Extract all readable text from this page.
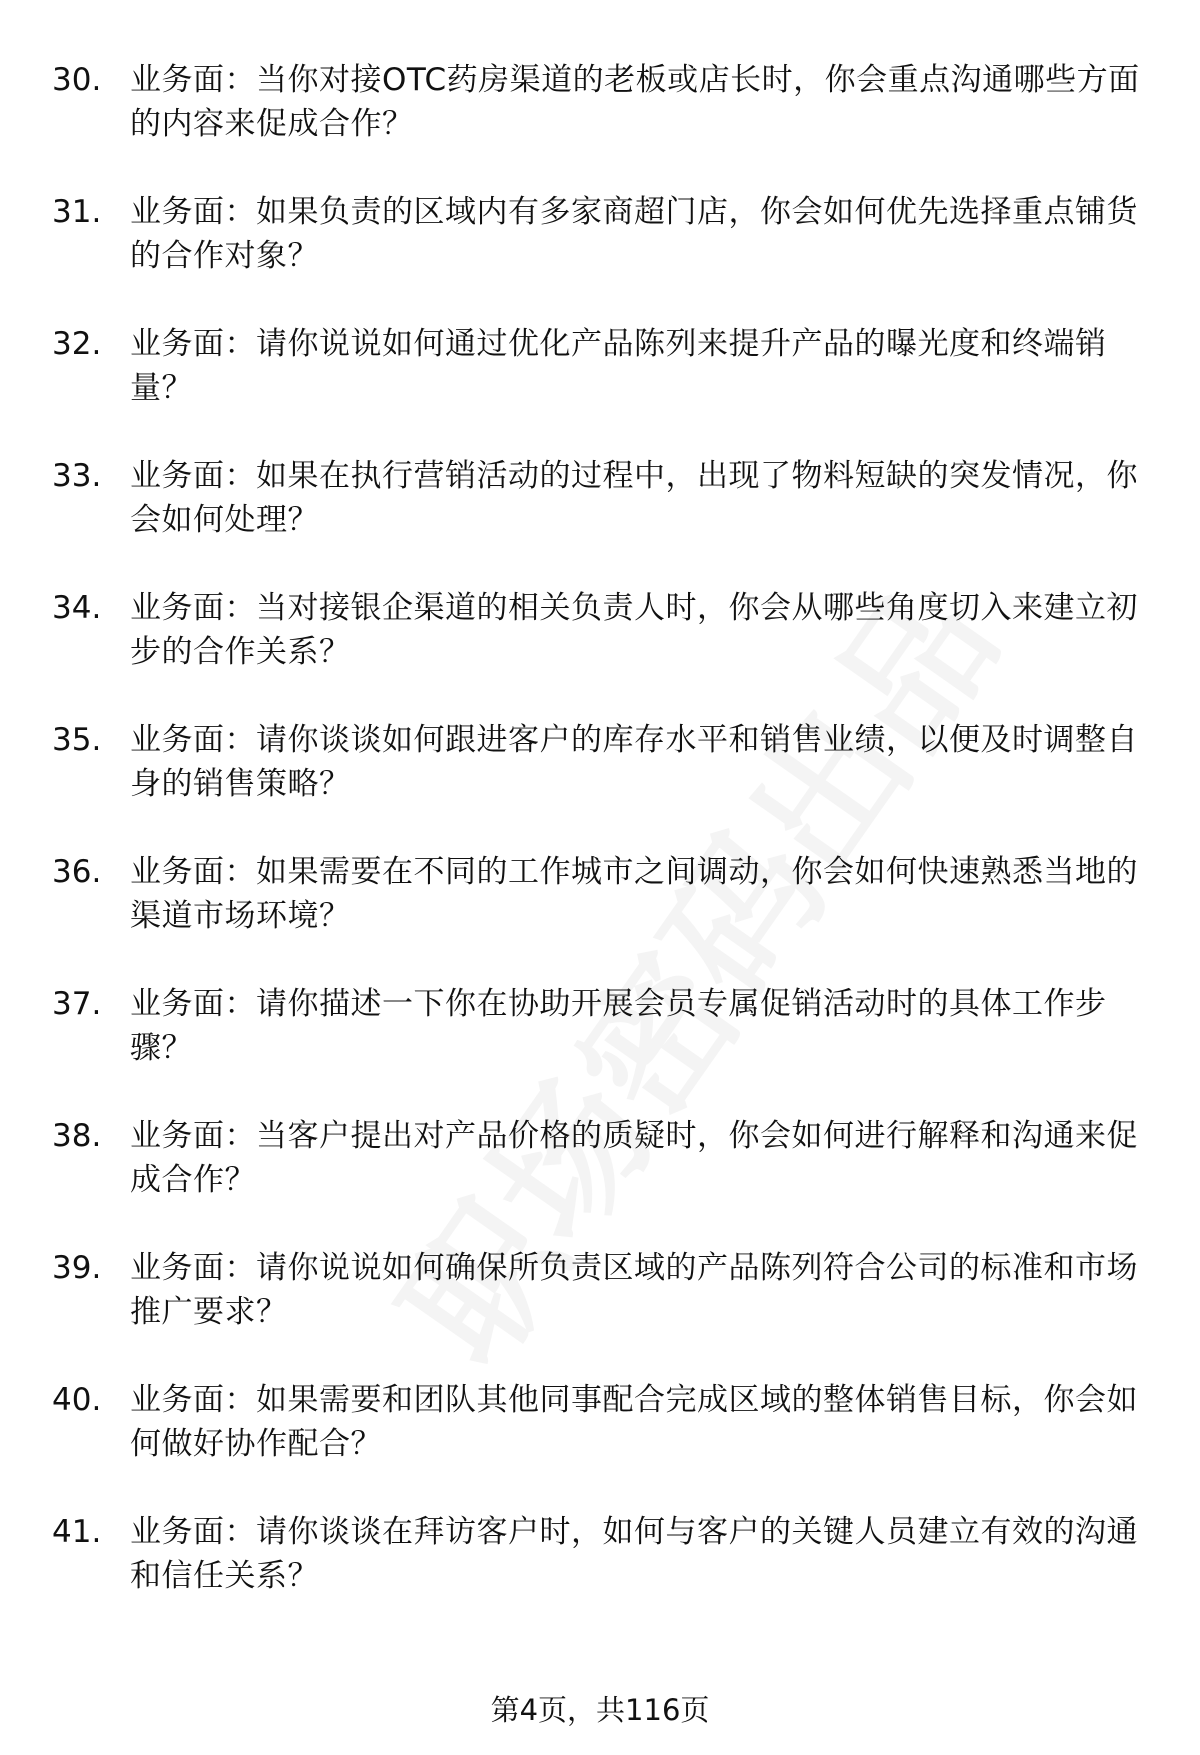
30. 业务面：当你对接OTC药房渠道的老板或店长时，你会重点沟通哪些方面的内容来促成合作？
31. 业务面：如果负责的区域内有多家商超门店，你会如何优先选择重点铺货的合作对象？
32. 业务面：请你说说如何通过优化产品陈列来提升产品的曝光度和终端销量？
33. 业务面：如果在执行营销活动的过程中，出现了物料短缺的突发情况，你会如何处理？
34. 业务面：当对接银企渠道的相关负责人时，你会从哪些角度切入来建立初步的合作关系？
35. 业务面：请你谈谈如何跟进客户的库存水平和销售业绩，以便及时调整自身的销售策略？
36. 业务面：如果需要在不同的工作城市之间调动，你会如何快速熟悉当地的渠道市场环境？
37. 业务面：请你描述一下你在协助开展会员专属促销活动时的具体工作步骤？
38. 业务面：当客户提出对产品价格的质疑时，你会如何进行解释和沟通来促成合作？
39. 业务面：请你说说如何确保所负责区域的产品陈列符合公司的标准和市场推广要求？
40. 业务面：如果需要和团队其他同事配合完成区域的整体销售目标，你会如何做好协作配合？
41. 业务面：请你谈谈在拜访客户时，如何与客户的关键人员建立有效的沟通和信任关系？
第4页，共116页
